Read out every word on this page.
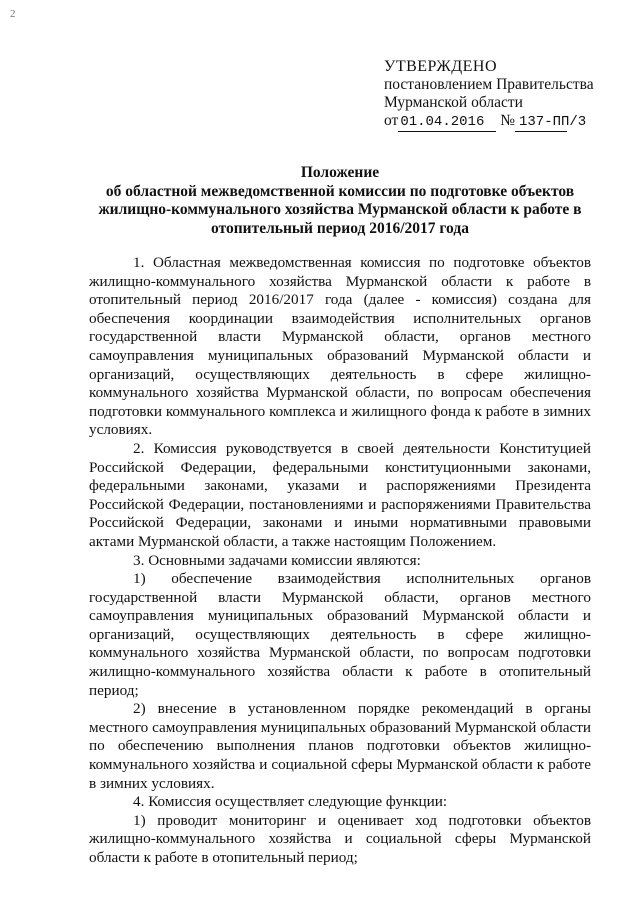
2
УТВЕРЖДЕНО
постановлением Правительства
Мурманской области
от 01.04.2016 № 137-ПП/3
Положение
об областной межведомственной комиссии по подготовке объектов
жилищно-коммунального хозяйства Мурманской области к работе в
отопительный период 2016/2017 года

1. Областная межведомственная комиссия по подготовке объектов жилищно-коммунального хозяйства Мурманской области к работе в отопительный период 2016/2017 года (далее - комиссия) создана для обеспечения координации взаимодействия исполнительных органов государственной власти Мурманской области, органов местного самоуправления муниципальных образований Мурманской области и организаций, осуществляющих деятельность в сфере жилищно-коммунального хозяйства Мурманской области, по вопросам обеспечения подготовки коммунального комплекса и жилищного фонда к работе в зимних условиях.

2. Комиссия руководствуется в своей деятельности Конституцией Российской Федерации, федеральными конституционными законами, федеральными законами, указами и распоряжениями Президента Российской Федерации, постановлениями и распоряжениями Правительства Российской Федерации, законами и иными нормативными правовыми актами Мурманской области, а также настоящим Положением.

3. Основными задачами комиссии являются:

1) обеспечение взаимодействия исполнительных органов государственной власти Мурманской области, органов местного самоуправления муниципальных образований Мурманской области и организаций, осуществляющих деятельность в сфере жилищно-коммунального хозяйства Мурманской области, по вопросам подготовки жилищно-коммунального хозяйства области к работе в отопительный период;

2) внесение в установленном порядке рекомендаций в органы местного самоуправления муниципальных образований Мурманской области по обеспечению выполнения планов подготовки объектов жилищно-коммунального хозяйства и социальной сферы Мурманской области к работе в зимних условиях.

4. Комиссия осуществляет следующие функции:

1) проводит мониторинг и оценивает ход подготовки объектов жилищно-коммунального хозяйства и социальной сферы Мурманской области к работе в отопительный период;
